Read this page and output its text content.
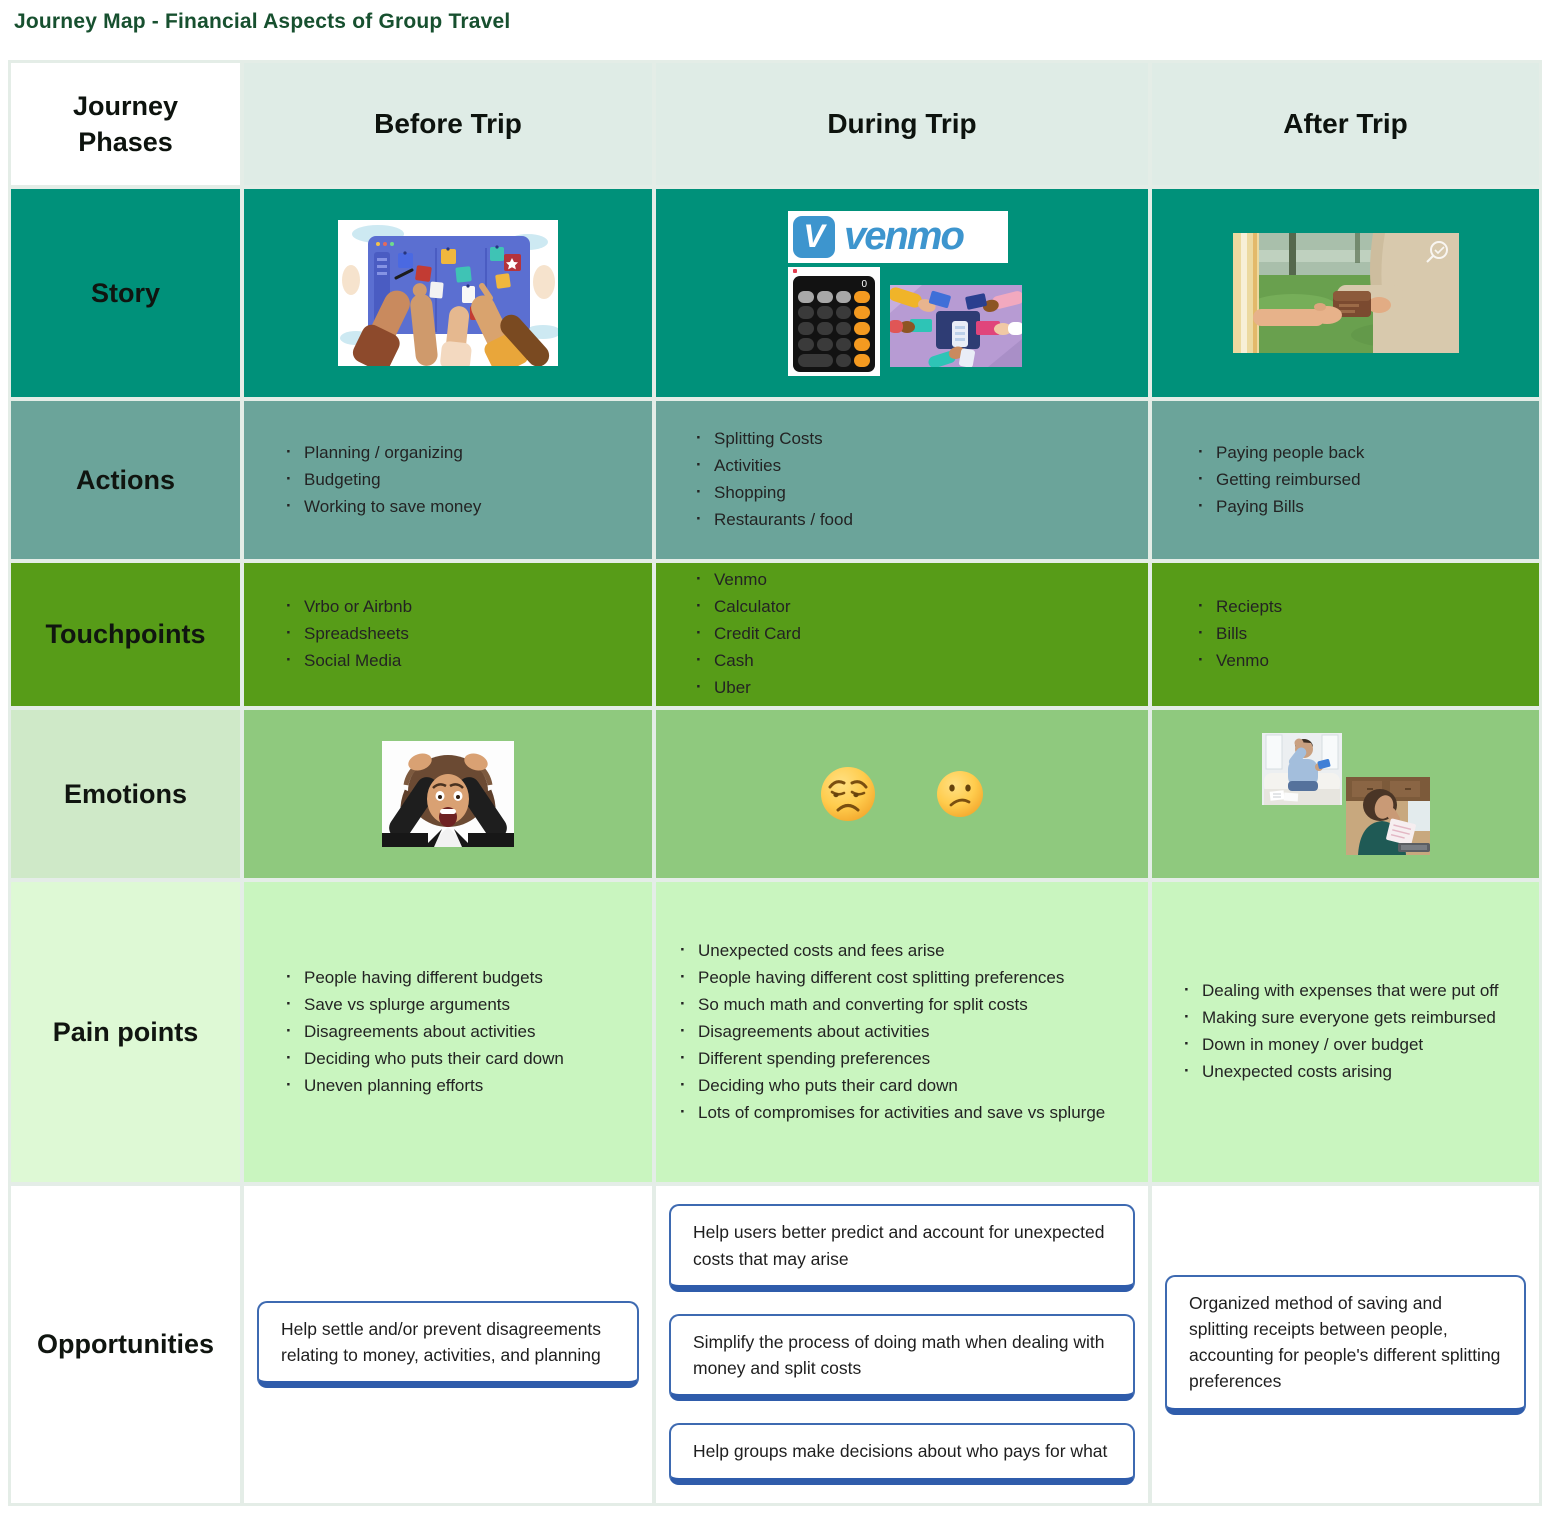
Journey Map - Financial Aspects of Group Travel
Journey Phases
Before Trip	During Trip	After Trip
Story
V venmo
0
Actions
· Planning / organizing
· Budgeting
· Working to save money
· Splitting Costs
· Activities
· Shopping
· Restaurants / food
· Paying people back
· Getting reimbursed
· Paying Bills
Touchpoints
· Vrbo or Airbnb
· Spreadsheets
· Social Media
· Venmo
· Calculator
· Credit Card
· Cash
· Uber
· Reciepts
· Bills
· Venmo
Emotions
Pain points
· People having different budgets
· Save vs splurge arguments
· Disagreements about activities
· Deciding who puts their card down
· Uneven planning efforts
· Unexpected costs and fees arise
· People having different cost splitting preferences
· So much math and converting for split costs
· Disagreements about activities
· Different spending preferences
· Deciding who puts their card down
· Lots of compromises for activities and save vs splurge
· Dealing with expenses that were put off
· Making sure everyone gets reimbursed
· Down in money / over budget
· Unexpected costs arising
Opportunities
Help settle and/or prevent disagreements relating to money, activities, and planning
Help users better predict and account for unexpected costs that may arise
Simplify the process of doing math when dealing with money and split costs
Help groups make decisions about who pays for what
Organized method of saving and splitting receipts between people, accounting for people's different splitting preferences
